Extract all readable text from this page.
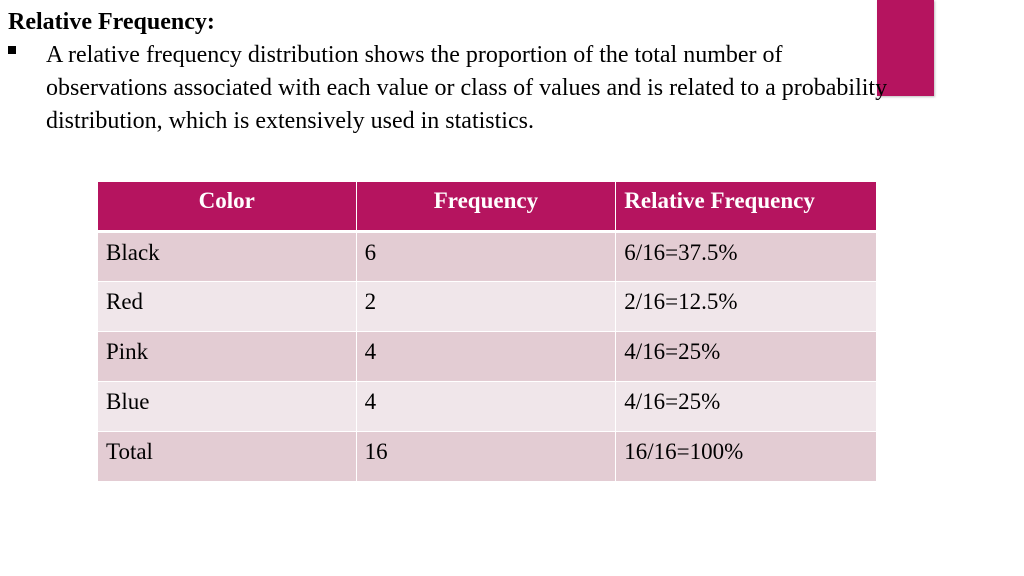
Relative Frequency:
A relative frequency distribution shows the proportion of the total number of observations associated with each value or class of values and is related to a probability distribution, which is extensively used in statistics.
Color	Frequency	Relative Frequency
Black	6	6/16=37.5%
Red	2	2/16=12.5%
Pink	4	4/16=25%
Blue	4	4/16=25%
Total	16	16/16=100%
